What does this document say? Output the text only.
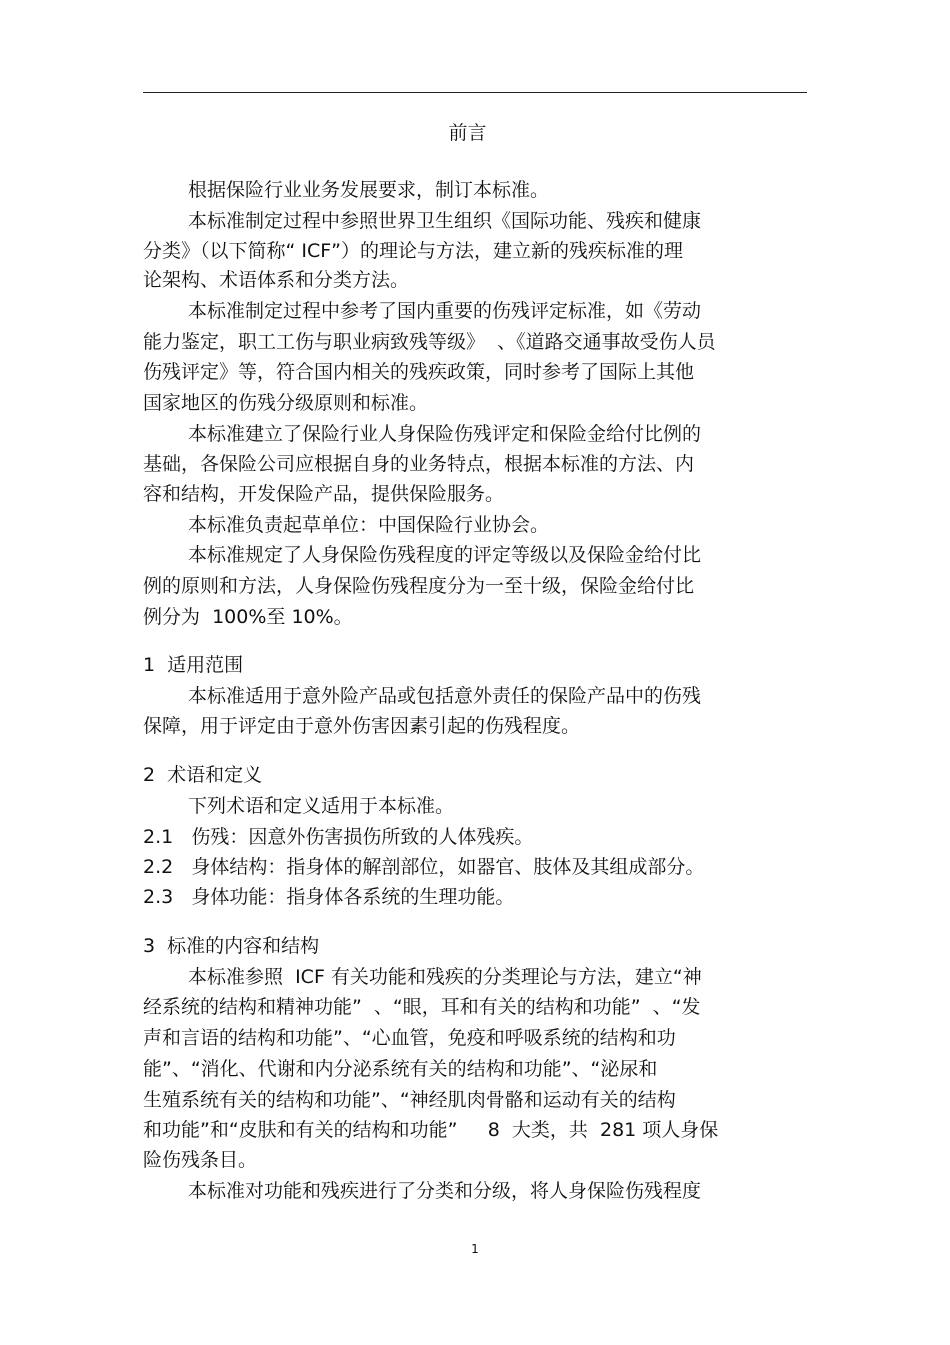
前言
根据保险行业业务发展要求，制订本标准。
本标准制定过程中参照世界卫生组织《国际功能、残疾和健康
分类》（以下简称“ ICF”）的理论与方法，建立新的残疾标准的理
论架构、术语体系和分类方法。
本标准制定过程中参考了国内重要的伤残评定标准，如《劳动
能力鉴定，职工工伤与职业病致残等级》  、《道路交通事故受伤人员
伤残评定》等，符合国内相关的残疾政策，同时参考了国际上其他
国家地区的伤残分级原则和标准。
本标准建立了保险行业人身保险伤残评定和保险金给付比例的
基础，各保险公司应根据自身的业务特点，根据本标准的方法、内
容和结构，开发保险产品，提供保险服务。
本标准负责起草单位：中国保险行业协会。
本标准规定了人身保险伤残程度的评定等级以及保险金给付比
例的原则和方法，人身保险伤残程度分为一至十级，保险金给付比
例分为  100%至 10%。
1  适用范围
本标准适用于意外险产品或包括意外责任的保险产品中的伤残
保障，用于评定由于意外伤害因素引起的伤残程度。
2  术语和定义
下列术语和定义适用于本标准。
2.1   伤残：因意外伤害损伤所致的人体残疾。
2.2   身体结构：指身体的解剖部位，如器官、肢体及其组成部分。
2.3   身体功能：指身体各系统的生理功能。
3  标准的内容和结构
本标准参照  ICF 有关功能和残疾的分类理论与方法，建立“神
经系统的结构和精神功能”  、“眼，耳和有关的结构和功能”  、“发
声和言语的结构和功能”、“心血管，免疫和呼吸系统的结构和功
能”、“消化、代谢和内分泌系统有关的结构和功能”、“泌尿和
生殖系统有关的结构和功能”、“神经肌肉骨骼和运动有关的结构
和功能”和“皮肤和有关的结构和功能”     8  大类，共  281 项人身保
险伤残条目。
本标准对功能和残疾进行了分类和分级，将人身保险伤残程度
1
